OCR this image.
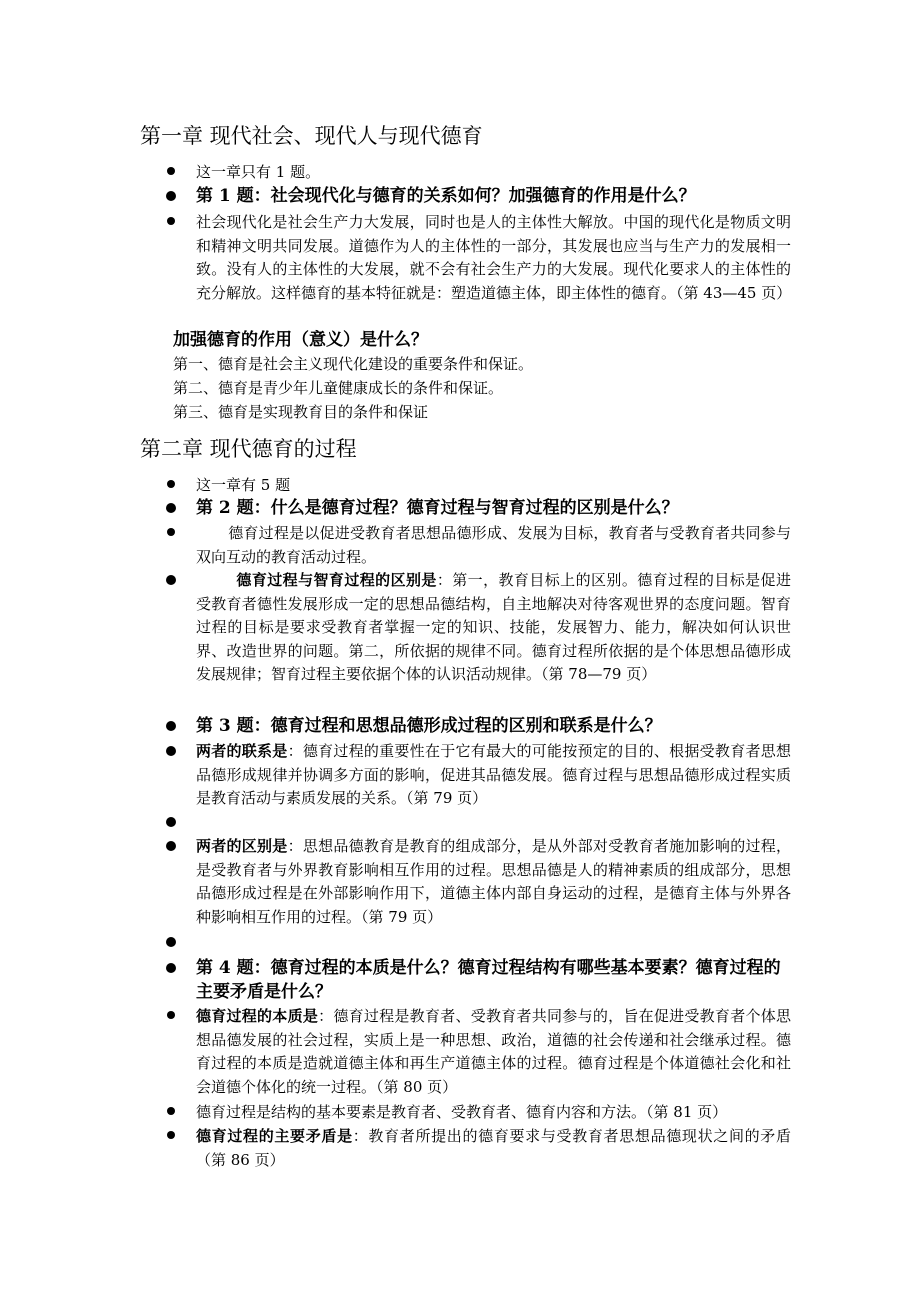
第一章 现代社会、现代人与现代德育
这一章只有 1 题。
第 1 题：社会现代化与德育的关系如何？加强德育的作用是什么？
社会现代化是社会生产力大发展，同时也是人的主体性大解放。中国的现代化是物质文明和精神文明共同发展。道德作为人的主体性的一部分，其发展也应当与生产力的发展相一致。没有人的主体性的大发展，就不会有社会生产力的大发展。现代化要求人的主体性的充分解放。这样德育的基本特征就是：塑造道德主体，即主体性的德育。（第 43—45 页）
加强德育的作用（意义）是什么？
第一、德育是社会主义现代化建设的重要条件和保证。
第二、德育是青少年儿童健康成长的条件和保证。
第三、德育是实现教育目的条件和保证
第二章 现代德育的过程
这一章有 5 题
第 2 题：什么是德育过程？德育过程与智育过程的区别是什么？
德育过程是以促进受教育者思想品德形成、发展为目标，教育者与受教育者共同参与双向互动的教育活动过程。
德育过程与智育过程的区别是：第一，教育目标上的区别。德育过程的目标是促进受教育者德性发展形成一定的思想品德结构，自主地解决对待客观世界的态度问题。智育过程的目标是要求受教育者掌握一定的知识、技能，发展智力、能力，解决如何认识世界、改造世界的问题。第二，所依据的规律不同。德育过程所依据的是个体思想品德形成发展规律；智育过程主要依据个体的认识活动规律。（第 78—79 页）
第 3 题：德育过程和思想品德形成过程的区别和联系是什么？
两者的联系是：德育过程的重要性在于它有最大的可能按预定的目的、根据受教育者思想品德形成规律并协调多方面的影响，促进其品德发展。德育过程与思想品德形成过程实质是教育活动与素质发展的关系。（第 79 页）
两者的区别是：思想品德教育是教育的组成部分，是从外部对受教育者施加影响的过程，是受教育者与外界教育影响相互作用的过程。思想品德是人的精神素质的组成部分，思想品德形成过程是在外部影响作用下，道德主体内部自身运动的过程，是德育主体与外界各种影响相互作用的过程。（第 79 页）
第 4 题：德育过程的本质是什么？德育过程结构有哪些基本要素？德育过程的主要矛盾是什么？
德育过程的本质是：德育过程是教育者、受教育者共同参与的，旨在促进受教育者个体思想品德发展的社会过程，实质上是一种思想、政治，道德的社会传递和社会继承过程。德育过程的本质是造就道德主体和再生产道德主体的过程。德育过程是个体道德社会化和社会道德个体化的统一过程。（第 80 页）
德育过程是结构的基本要素是教育者、受教育者、德育内容和方法。（第 81 页）
德育过程的主要矛盾是：教育者所提出的德育要求与受教育者思想品德现状之间的矛盾（第 86 页）
